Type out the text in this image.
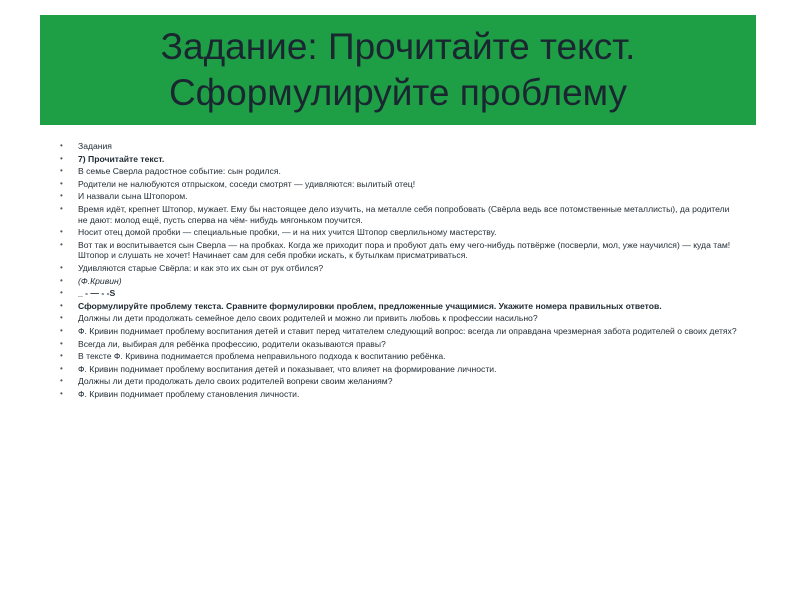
Задание: Прочитайте текст.
Сформулируйте проблему
•	Задания
•	7) Прочитайте текст.
•	В семье Сверла радостное событие: сын родился.
•	Родители не налюбуются отпрыском, соседи смотрят — удивляются: вылитый отец!
•	И назвали сына Штопором.
•	Время идёт, крепнет Штопор, мужает. Ему бы настоящее дело изучить, на металле себя попробовать (Свёрла ведь все потомственные металлисты), да родители не дают: молод ещё, пусть сперва на чём- нибудь мягоньком поучится.
•	Носит отец домой пробки — специальные пробки, — и на них учится Штопор сверлильному мастерству.
•	Вот так и воспитывается сын Сверла — на пробках. Когда же приходит пора и пробуют дать ему чего-нибудь потвёрже (посверли, мол, уже научился) — куда там! Штопор и слушать не хочет! Начинает сам для себя пробки искать, к бутылкам присматриваться.
•	Удивляются старые Свёрла: и как это их сын от рук отбился?
•	(Ф.Кривин)
•	_ - — - -S
•	Сформулируйте проблему текста. Сравните формулировки проблем, предложенные учащимися. Укажите номера правильных ответов.
•	Должны ли дети продолжать семейное дело своих родителей и можно ли привить любовь к профессии насильно?
•	Ф. Кривин поднимает проблему воспитания детей и ставит перед читателем следующий вопрос: всегда ли оправдана чрезмерная забота родителей о своих детях?
•	Всегда ли, выбирая для ребёнка профессию, родители оказываются правы?
•	В тексте Ф. Кривина поднимается проблема неправильного подхода к воспитанию ребёнка.
•	Ф. Кривин поднимает проблему воспитания детей и показывает, что влияет на формирование личности.
•	Должны ли дети продолжать дело своих родителей вопреки своим желаниям?
•	Ф. Кривин поднимает проблему становления личности.
